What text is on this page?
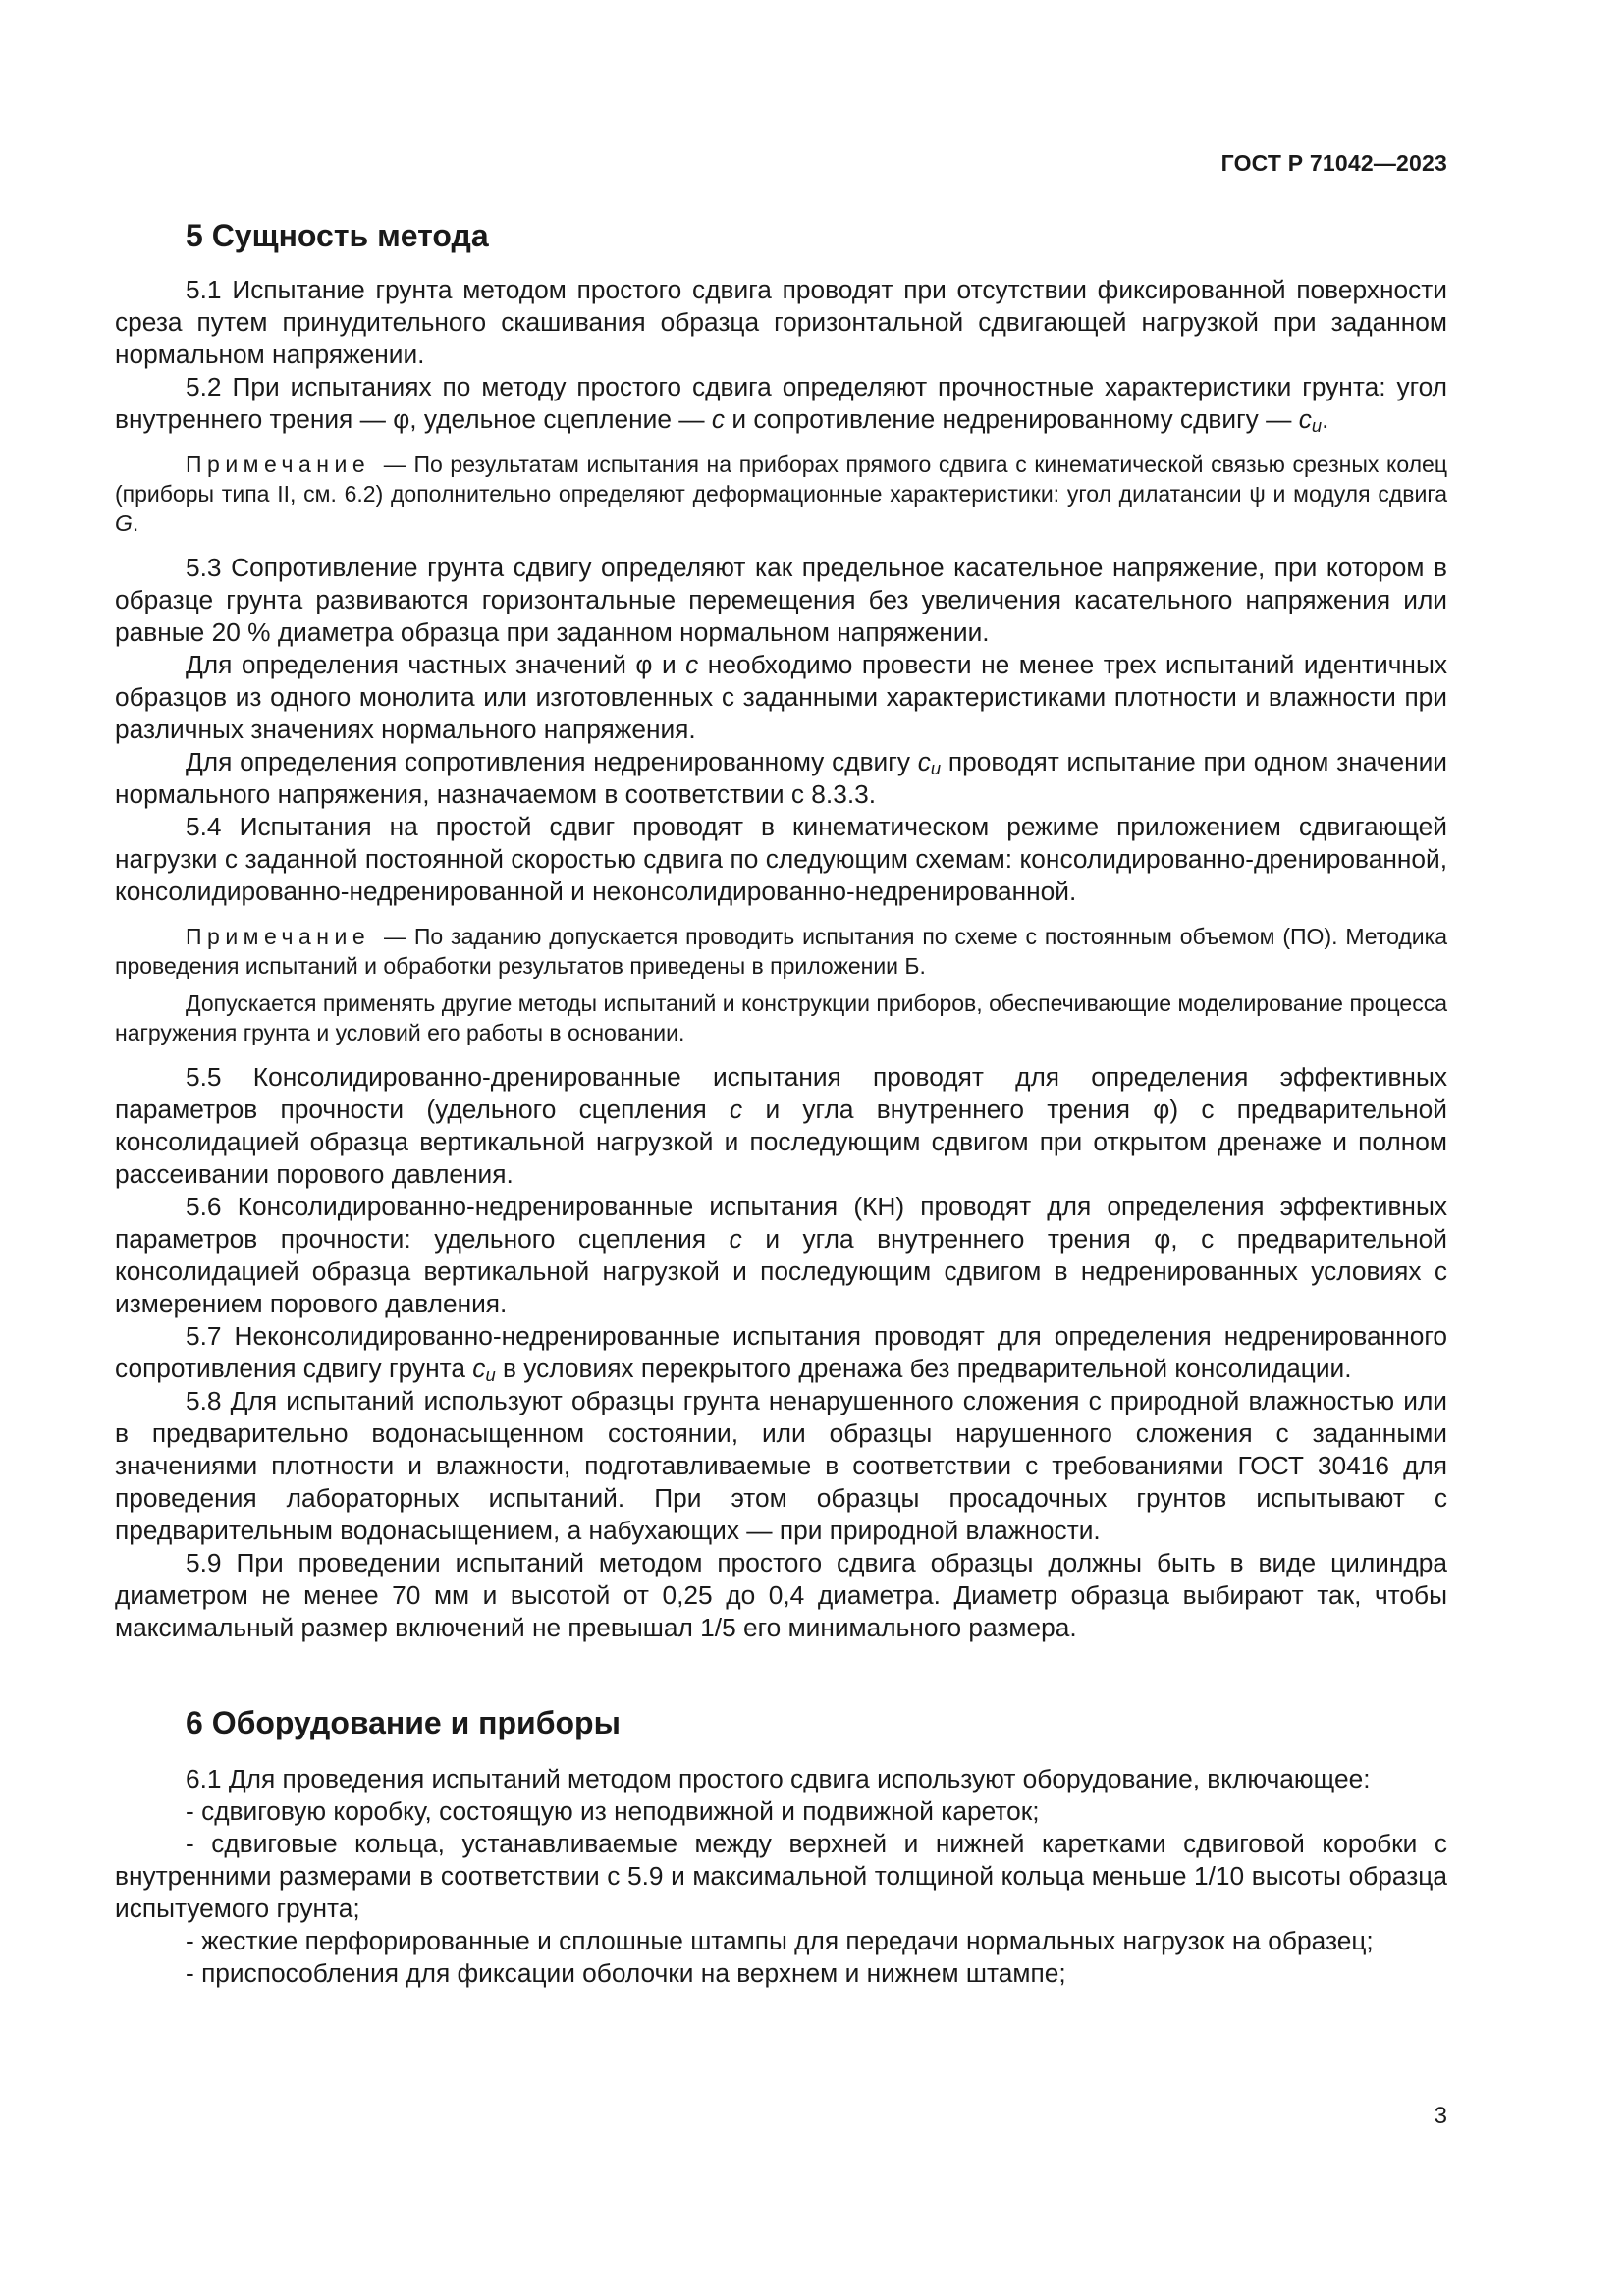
ГОСТ Р 71042—2023
5 Сущность метода

5.1 Испытание грунта методом простого сдвига проводят при отсутствии фиксированной поверхности среза путем принудительного скашивания образца горизонтальной сдвигающей нагрузкой при заданном нормальном напряжении.

5.2 При испытаниях по методу простого сдвига определяют прочностные характеристики грунта: угол внутреннего трения — φ, удельное сцепление — c и сопротивление недренированному сдвигу — $c_u$.

Примечание — По результатам испытания на приборах прямого сдвига с кинематической связью срезных колец (приборы типа II, см. 6.2) дополнительно определяют деформационные характеристики: угол дилатансии ψ и модуля сдвига G.

5.3 Сопротивление грунта сдвигу определяют как предельное касательное напряжение, при котором в образце грунта развиваются горизонтальные перемещения без увеличения касательного напряжения или равные 20 % диаметра образца при заданном нормальном напряжении.

Для определения частных значений φ и c необходимо провести не менее трех испытаний идентичных образцов из одного монолита или изготовленных с заданными характеристиками плотности и влажности при различных значениях нормального напряжения.

Для определения сопротивления недренированному сдвигу $c_u$ проводят испытание при одном значении нормального напряжения, назначаемом в соответствии с 8.3.3.

5.4 Испытания на простой сдвиг проводят в кинематическом режиме приложением сдвигающей нагрузки с заданной постоянной скоростью сдвига по следующим схемам: консолидированно-дренированной, консолидированно-недренированной и неконсолидированно-недренированной.

Примечание — По заданию допускается проводить испытания по схеме с постоянным объемом (ПО). Методика проведения испытаний и обработки результатов приведены в приложении Б.

Допускается применять другие методы испытаний и конструкции приборов, обеспечивающие моделирование процесса нагружения грунта и условий его работы в основании.

5.5 Консолидированно-дренированные испытания проводят для определения эффективных параметров прочности (удельного сцепления c и угла внутреннего трения φ) с предварительной консолидацией образца вертикальной нагрузкой и последующим сдвигом при открытом дренаже и полном рассеивании порового давления.

5.6 Консолидированно-недренированные испытания (КН) проводят для определения эффективных параметров прочности: удельного сцепления c и угла внутреннего трения φ, с предварительной консолидацией образца вертикальной нагрузкой и последующим сдвигом в недренированных условиях с измерением порового давления.

5.7 Неконсолидированно-недренированные испытания проводят для определения недренированного сопротивления сдвигу грунта $c_u$ в условиях перекрытого дренажа без предварительной консолидации.

5.8 Для испытаний используют образцы грунта ненарушенного сложения с природной влажностью или в предварительно водонасыщенном состоянии, или образцы нарушенного сложения с заданными значениями плотности и влажности, подготавливаемые в соответствии с требованиями ГОСТ 30416 для проведения лабораторных испытаний. При этом образцы просадочных грунтов испытывают с предварительным водонасыщением, а набухающих — при природной влажности.

5.9 При проведении испытаний методом простого сдвига образцы должны быть в виде цилиндра диаметром не менее 70 мм и высотой от 0,25 до 0,4 диаметра. Диаметр образца выбирают так, чтобы максимальный размер включений не превышал 1/5 его минимального размера.

6 Оборудование и приборы

6.1 Для проведения испытаний методом простого сдвига используют оборудование, включающее:

- сдвиговую коробку, состоящую из неподвижной и подвижной кареток;

- сдвиговые кольца, устанавливаемые между верхней и нижней каретками сдвиговой коробки с внутренними размерами в соответствии с 5.9 и максимальной толщиной кольца меньше 1/10 высоты образца испытуемого грунта;

- жесткие перфорированные и сплошные штампы для передачи нормальных нагрузок на образец;

- приспособления для фиксации оболочки на верхнем и нижнем штампе;

3
